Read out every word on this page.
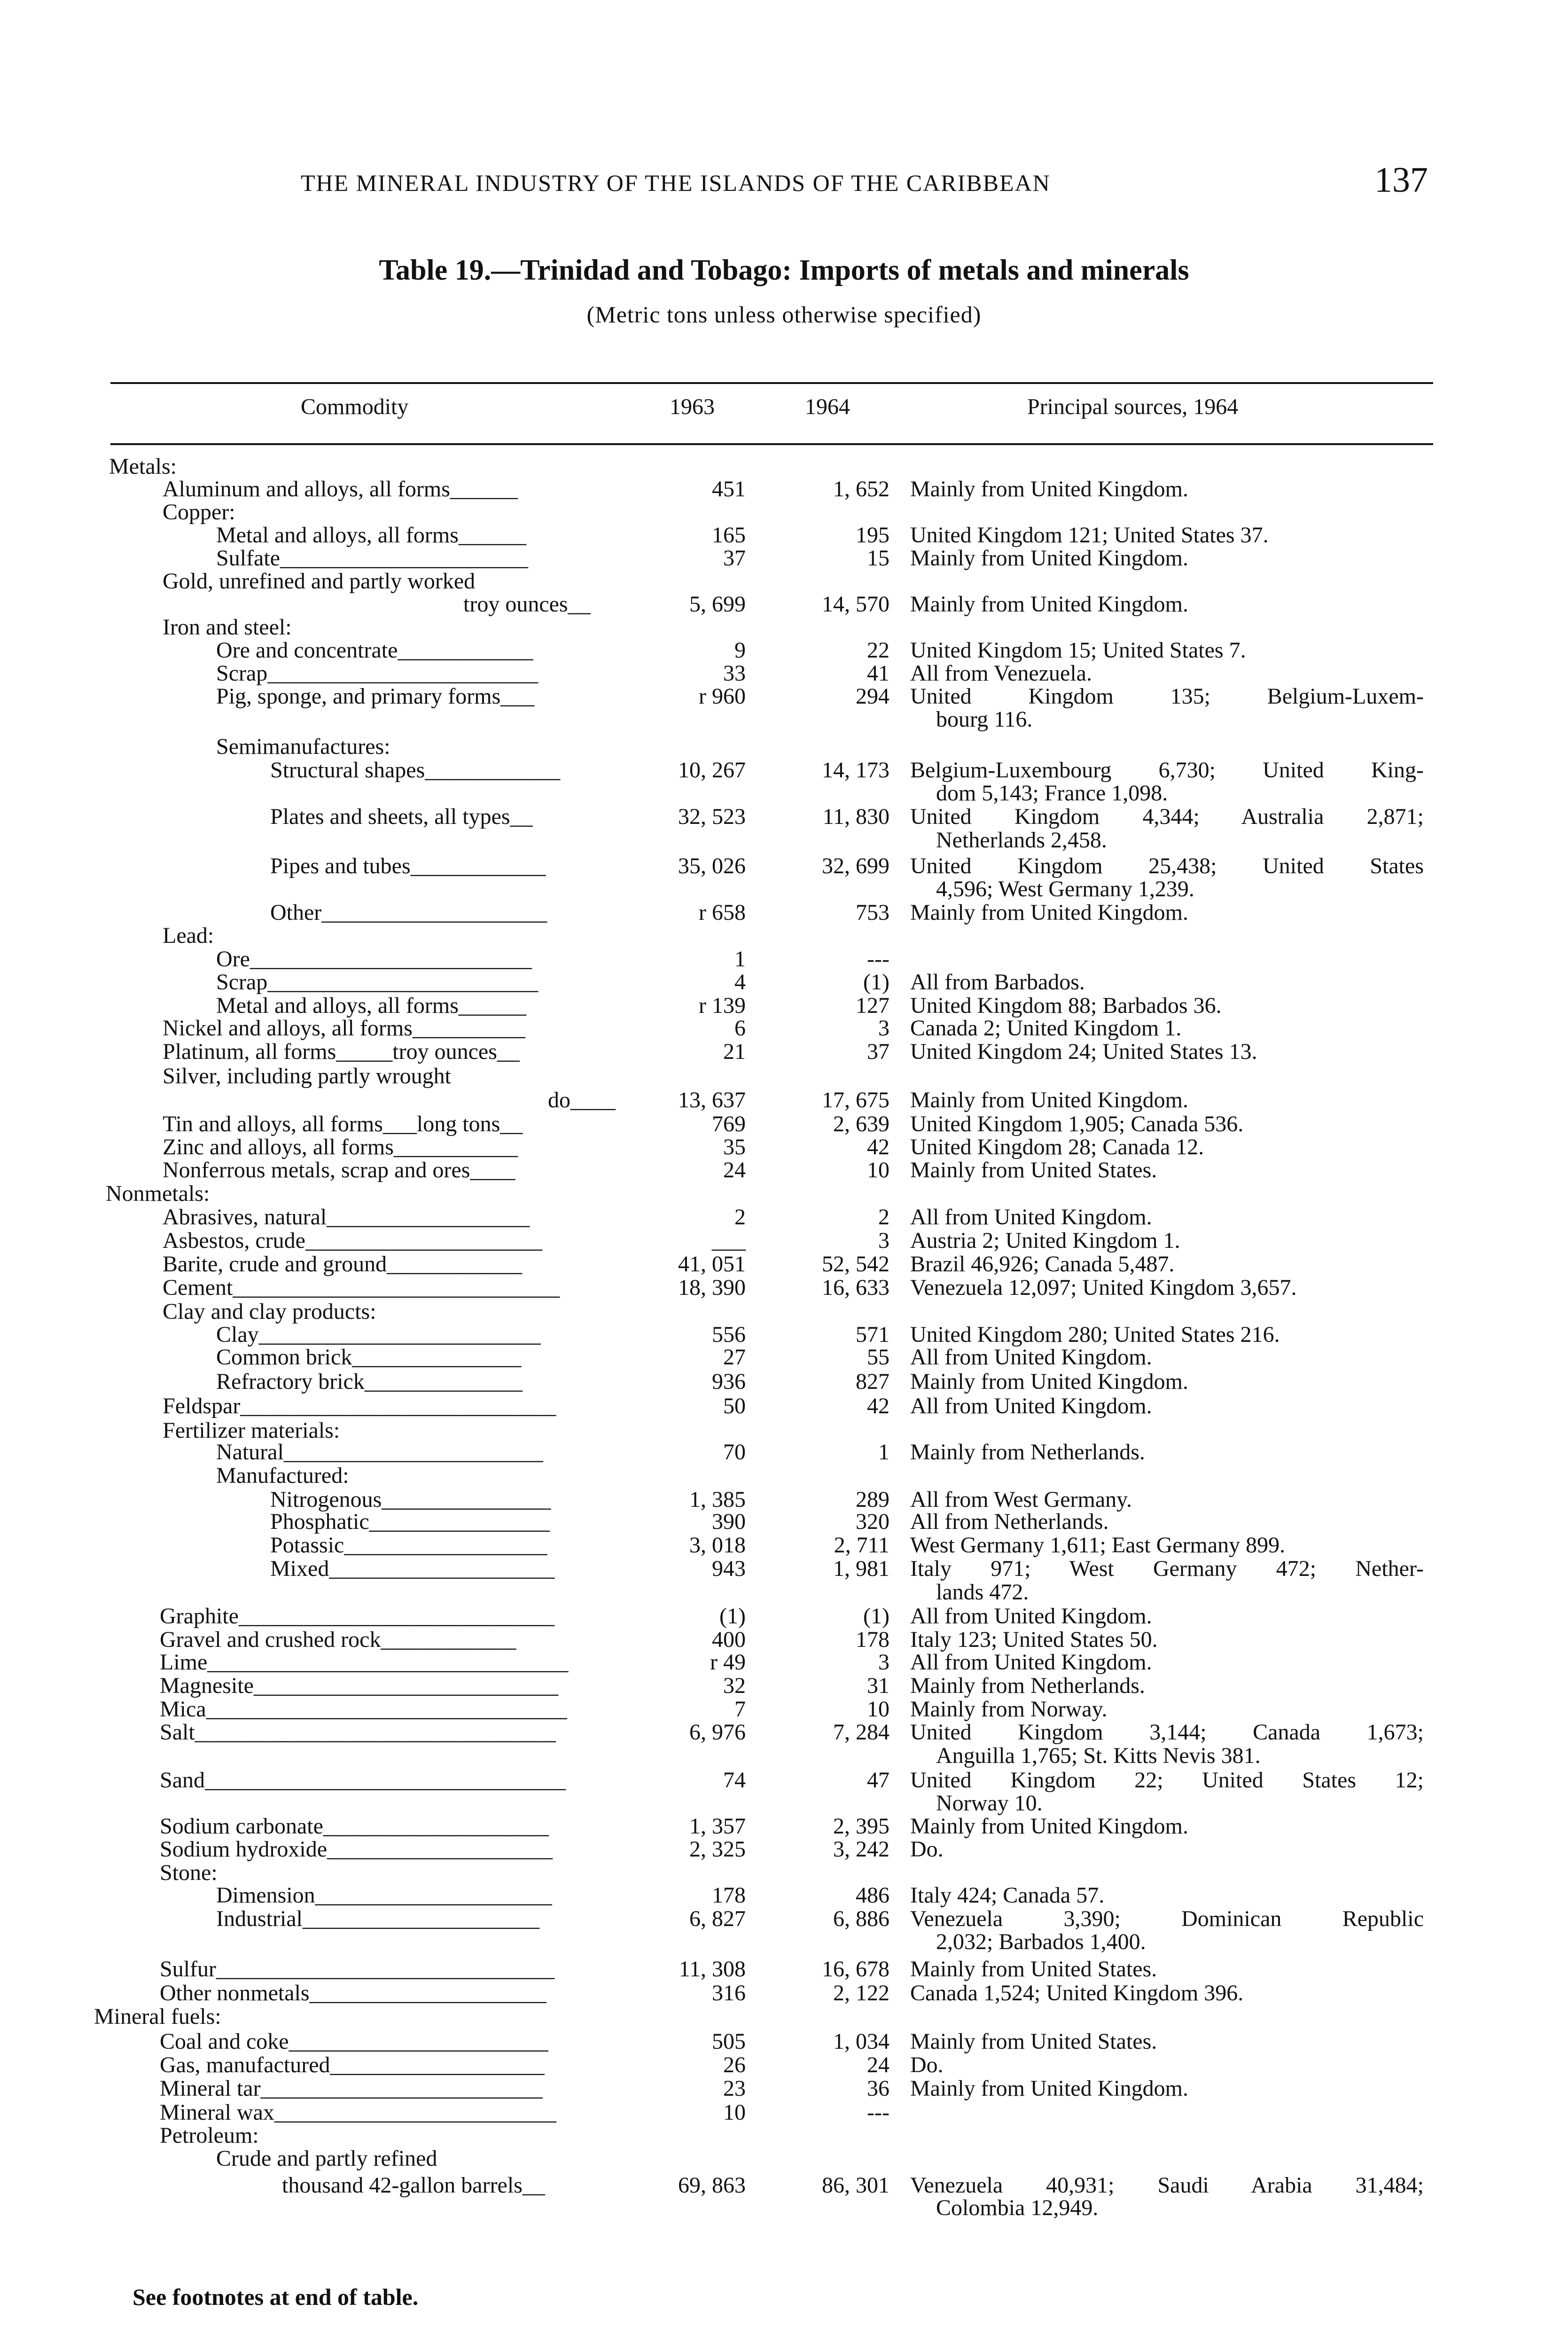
THE MINERAL INDUSTRY OF THE ISLANDS OF THE CARIBBEAN	137
Table 19.—Trinidad and Tobago: Imports of metals and minerals
(Metric tons unless otherwise specified)
Commodity	1963	1964	Principal sources, 1964
Metals:
Aluminum and alloys, all forms______	451	1, 652 Mainly from United Kingdom.
Copper:
Metal and alloys, all forms______	165	195 United Kingdom 121; United States 37.
Sulfate______________________	37	15 Mainly from United Kingdom.
Gold, unrefined and partly worked
troy ounces__	5, 699	14, 570 Mainly from United Kingdom.
Iron and steel:
Ore and concentrate____________	9	22 United Kingdom 15; United States 7.
Scrap________________________	33	41 All from Venezuela.
Pig, sponge, and primary forms___	r 960	294 United Kingdom 135; Belgium-Luxem-
bourg 116.
Semimanufactures:
Structural shapes____________	10, 267	14, 173 Belgium-Luxembourg 6,730; United King-
dom 5,143; France 1,098.
Plates and sheets, all types__	32, 523	11, 830 United Kingdom 4,344; Australia 2,871;
Netherlands 2,458.
Pipes and tubes____________	35, 026	32, 699 United Kingdom 25,438; United States
4,596; West Germany 1,239.
Other____________________	r 658	753 Mainly from United Kingdom.
Lead:
Ore_________________________	1	---
Scrap________________________	4	(1) All from Barbados.
Metal and alloys, all forms______	r 139	127 United Kingdom 88; Barbados 36.
Nickel and alloys, all forms__________	6	3 Canada 2; United Kingdom 1.
Platinum, all forms_____troy ounces__	21	37 United Kingdom 24; United States 13.
Silver, including partly wrought
do____	13, 637	17, 675 Mainly from United Kingdom.
Tin and alloys, all forms___long tons__	769	2, 639 United Kingdom 1,905; Canada 536.
Zinc and alloys, all forms___________	35	42 United Kingdom 28; Canada 12.
Nonferrous metals, scrap and ores____	24	10 Mainly from United States.
Nonmetals:
Abrasives, natural__________________	2	2 All from United Kingdom.
Asbestos, crude_____________________	___	3 Austria 2; United Kingdom 1.
Barite, crude and ground____________	41, 051	52, 542 Brazil 46,926; Canada 5,487.
Cement_____________________________	18, 390	16, 633 Venezuela 12,097; United Kingdom 3,657.
Clay and clay products:
Clay_________________________	556	571 United Kingdom 280; United States 216.
Common brick_______________	27	55 All from United Kingdom.
Refractory brick______________	936	827 Mainly from United Kingdom.
Feldspar____________________________	50	42 All from United Kingdom.
Fertilizer materials:
Natural_______________________	70	1 Mainly from Netherlands.
Manufactured:
Nitrogenous_______________	1, 385	289 All from West Germany.
Phosphatic________________	390	320 All from Netherlands.
Potassic__________________	3, 018	2, 711 West Germany 1,611; East Germany 899.
Mixed____________________	943	1, 981 Italy 971; West Germany 472; Nether-
lands 472.
Graphite____________________________	(1)	(1) All from United Kingdom.
Gravel and crushed rock____________	400	178 Italy 123; United States 50.
Lime________________________________	r 49	3 All from United Kingdom.
Magnesite___________________________	32	31 Mainly from Netherlands.
Mica________________________________	7	10 Mainly from Norway.
Salt________________________________	6, 976	7, 284 United Kingdom 3,144; Canada 1,673;
Anguilla 1,765; St. Kitts Nevis 381.
Sand________________________________	74	47 United Kingdom 22; United States 12;
Norway 10.
Sodium carbonate____________________	1, 357	2, 395 Mainly from United Kingdom.
Sodium hydroxide____________________	2, 325	3, 242 Do.
Stone:
Dimension_____________________	178	486 Italy 424; Canada 57.
Industrial_____________________	6, 827	6, 886 Venezuela 3,390; Dominican Republic
2,032; Barbados 1,400.
Sulfur______________________________	11, 308	16, 678 Mainly from United States.
Other nonmetals_____________________	316	2, 122 Canada 1,524; United Kingdom 396.
Mineral fuels:
Coal and coke_______________________	505	1, 034 Mainly from United States.
Gas, manufactured___________________	26	24 Do.
Mineral tar_________________________	23	36 Mainly from United Kingdom.
Mineral wax_________________________	10	---
Petroleum:
Crude and partly refined
thousand 42-gallon barrels__	69, 863	86, 301 Venezuela 40,931; Saudi Arabia 31,484;
Colombia 12,949.
See footnotes at end of table.
